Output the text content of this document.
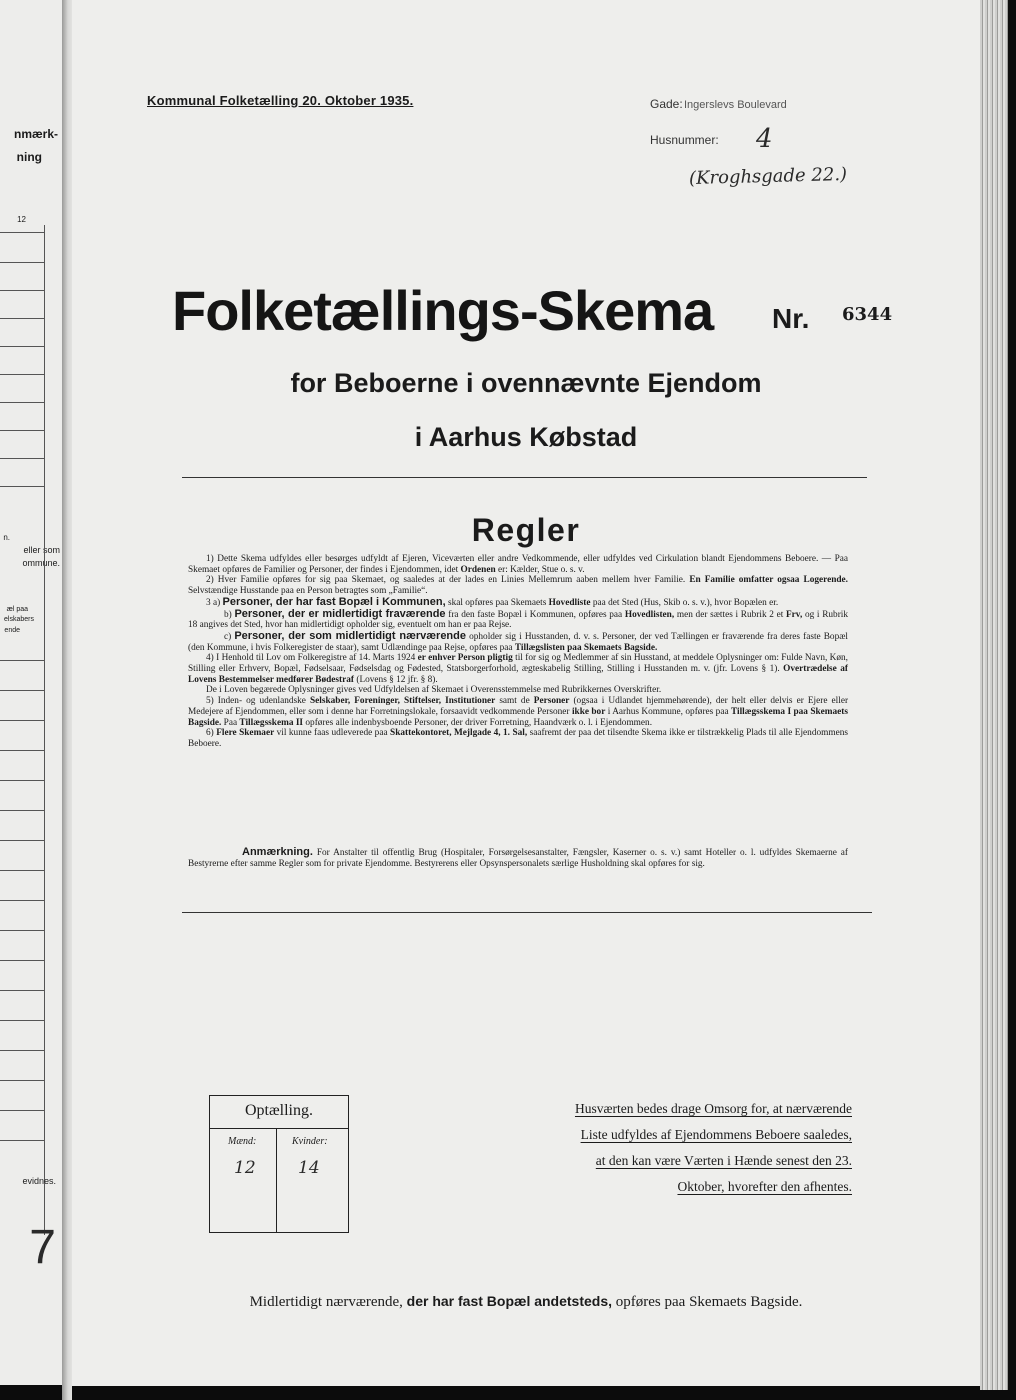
nmærk-
ning
12
n.
eller som
ommune.
æl paa
elskabers
ende
evidnes.
7
Kommunal Folketælling 20. Oktober 1935.	Gade: Ingerslevs Boulevard
Husnummer: 4
(Kroghsgade 22.)
Folketællings-Skema Nr. 6344
for Beboerne i ovennævnte Ejendom
i Aarhus Købstad
Regler

1) Dette Skema udfyldes eller besørges udfyldt af Ejeren, Viceværten eller andre Vedkommende, eller udfyldes ved Cirkulation blandt Ejendommens Beboere. — Paa Skemaet opføres de Familier og Personer, der findes i Ejendommen, idet Ordenen er: Kælder, Stue o. s. v.

2) Hver Familie opføres for sig paa Skemaet, og saaledes at der lades en Linies Mellemrum aaben mellem hver Familie. En Familie omfatter ogsaa Logerende. Selvstændige Husstande paa en Person betragtes som „Familie“.

3 a) Personer, der har fast Bopæl i Kommunen, skal opføres paa Skemaets Hovedliste paa det Sted (Hus, Skib o. s. v.), hvor Bopælen er.

b) Personer, der er midlertidigt fraværende fra den faste Bopæl i Kommunen, opføres paa Hovedlisten, men der sættes i Rubrik 2 et Frv, og i Rubrik 18 angives det Sted, hvor han midlertidigt opholder sig, eventuelt om han er paa Rejse.

c) Personer, der som midlertidigt nærværende opholder sig i Husstanden, d. v. s. Personer, der ved Tællingen er fraværende fra deres faste Bopæl (den Kommune, i hvis Folkeregister de staar), samt Udlændinge paa Rejse, opføres paa Tillægslisten paa Skemaets Bagside.

4) I Henhold til Lov om Folkeregistre af 14. Marts 1924 er enhver Person pligtig til for sig og Medlemmer af sin Husstand, at meddele Oplysninger om: Fulde Navn, Køn, Stilling eller Erhverv, Bopæl, Fødselsaar, Fødselsdag og Fødested, Statsborgerforhold, ægteskabelig Stilling, Stilling i Husstanden m. v. (jfr. Lovens § 1). Overtrædelse af Lovens Bestemmelser medfører Bødestraf (Lovens § 12 jfr. § 8).

De i Loven begærede Oplysninger gives ved Udfyldelsen af Skemaet i Overensstemmelse med Rubrikkernes Overskrifter.

5) Inden- og udenlandske Selskaber, Foreninger, Stiftelser, Institutioner samt de Personer (ogsaa i Udlandet hjemmehørende), der helt eller delvis er Ejere eller Medejere af Ejendommen, eller som i denne har Forretningslokale, forsaavidt vedkommende Personer ikke bor i Aarhus Kommune, opføres paa Tillægsskema I paa Skemaets Bagside. Paa Tillægsskema II opføres alle indenbysboende Personer, der driver Forretning, Haandværk o. l. i Ejendommen.

6) Flere Skemaer vil kunne faas udleverede paa Skattekontoret, Mejlgade 4, 1. Sal, saafremt der paa det tilsendte Skema ikke er tilstrækkelig Plads til alle Ejendommens Beboere.

Anmærkning. For Anstalter til offentlig Brug (Hospitaler, Forsørgelsesanstalter, Fængsler, Kaserner o. s. v.) samt Hoteller o. l. udfyldes Skemaerne af Bestyrerne efter samme Regler som for private Ejendomme. Bestyrerens eller Opsynspersonalets særlige Husholdning skal opføres for sig.
Optælling.
Mænd:	Kvinder:
12 14
Husværten bedes drage Omsorg for, at nærværende
Liste udfyldes af Ejendommens Beboere saaledes,
at den kan være Værten i Hænde senest den 23.
Oktober, hvorefter den afhentes.
Midlertidigt nærværende, der har fast Bopæl andetsteds, opføres paa Skemaets Bagside.
